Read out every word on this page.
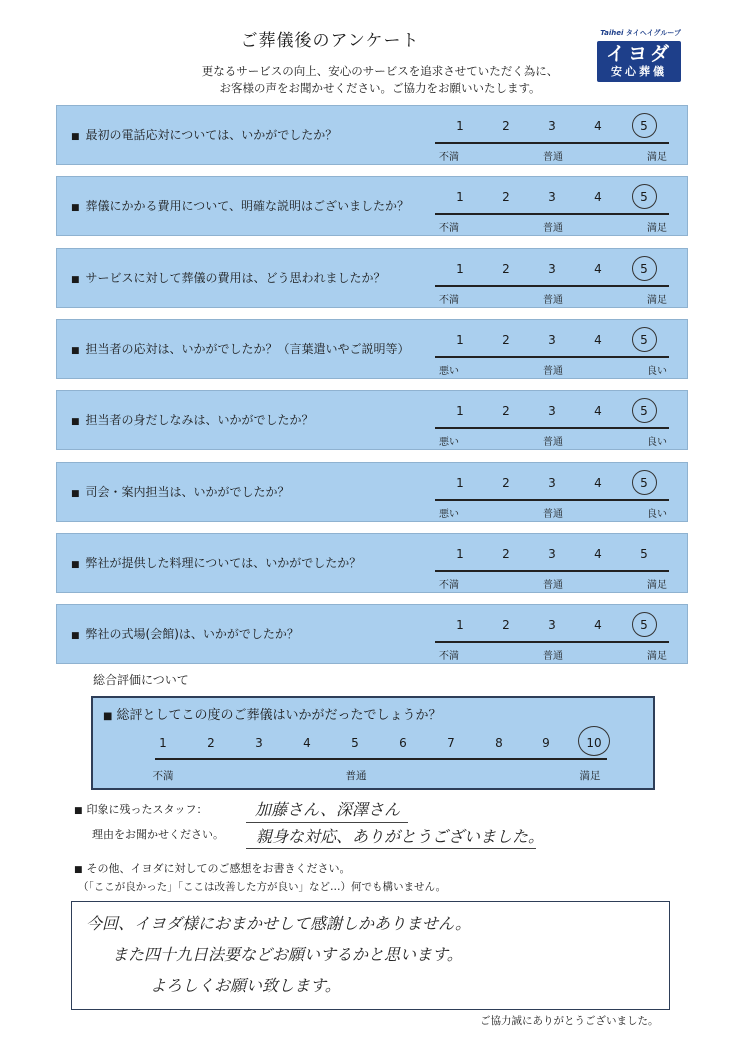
ご葬儀後のアンケート
更なるサービスの向上、安心のサービスを追求させていただく為に、
お客様の声をお聞かせください。ご協力をお願いいたします。
Taihei タイヘイグループ
イヨダ
安心葬儀
■ 最初の電話応対については、いかがでしたか？
1	2	3	4	5
不満	普通	満足
■ 葬儀にかかる費用について、明確な説明はございましたか？
1	2	3	4	5
不満	普通	満足
■ サービスに対して葬儀の費用は、どう思われましたか？
1	2	3	4	5
不満	普通	満足
■ 担当者の応対は、いかがでしたか？（言葉遣いやご説明等）
1	2	3	4	5
悪い	普通	良い
■ 担当者の身だしなみは、いかがでしたか？
1	2	3	4	5
悪い	普通	良い
■ 司会・案内担当は、いかがでしたか？
1	2	3	4	5
悪い	普通	良い
■ 弊社が提供した料理については、いかがでしたか？
1	2	3	4	5
不満	普通	満足
■ 弊社の式場(会館)は、いかがでしたか？
1	2	3	4	5
不満	普通	満足
総合評価について
■ 総評としてこの度のご葬儀はいかがだったでしょうか？
不満	普通	満足
1	2	3	4	5	6	7	8	9	10
■ 印象に残ったスタッフ：	加藤さん、深澤さん
理由をお聞かせください。 親身な対応、ありがとうございました。
■ その他、イヨダに対してのご感想をお書きください。
（「ここが良かった」「ここは改善した方が良い」など…）何でも構いません。
今回、イヨダ様におまかせして感謝しかありません。
また四十九日法要などお願いするかと思います。
よろしくお願い致します。
ご協力誠にありがとうございました。
